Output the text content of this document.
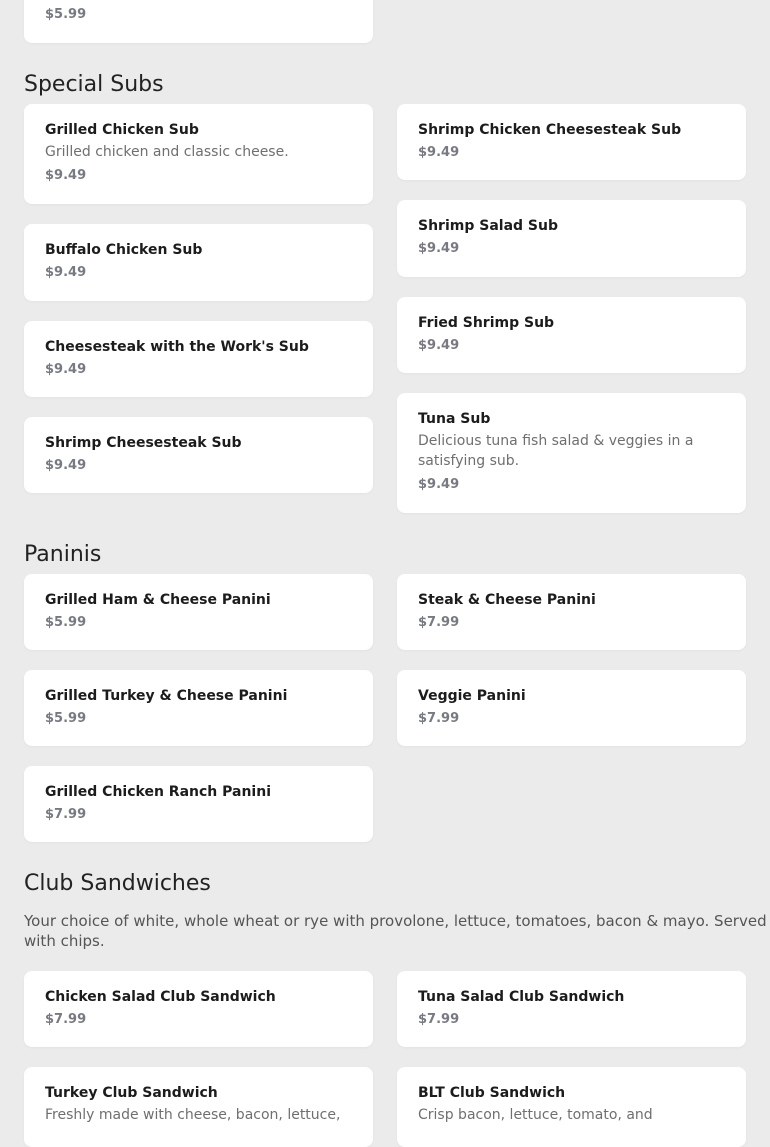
$5.99
Special Subs
Grilled Chicken Sub
Grilled chicken and classic cheese.
$9.49
Buffalo Chicken Sub
$9.49
Cheesesteak with the Work's Sub
$9.49
Shrimp Cheesesteak Sub
$9.49
Shrimp Chicken Cheesesteak Sub
$9.49
Shrimp Salad Sub
$9.49
Fried Shrimp Sub
$9.49
Tuna Sub
Delicious tuna fish salad & veggies in a satisfying sub.
$9.49
Paninis
Grilled Ham & Cheese Panini
$5.99
Grilled Turkey & Cheese Panini
$5.99
Grilled Chicken Ranch Panini
$7.99
Steak & Cheese Panini
$7.99
Veggie Panini
$7.99
Club Sandwiches

Your choice of white, whole wheat or rye with provolone, lettuce, tomatoes, bacon & mayo. Served with chips.

Chicken Salad Club Sandwich
$7.99
Turkey Club Sandwich
Freshly made with cheese, bacon, lettuce,
Tuna Salad Club Sandwich
$7.99
BLT Club Sandwich
Crisp bacon, lettuce, tomato, and
